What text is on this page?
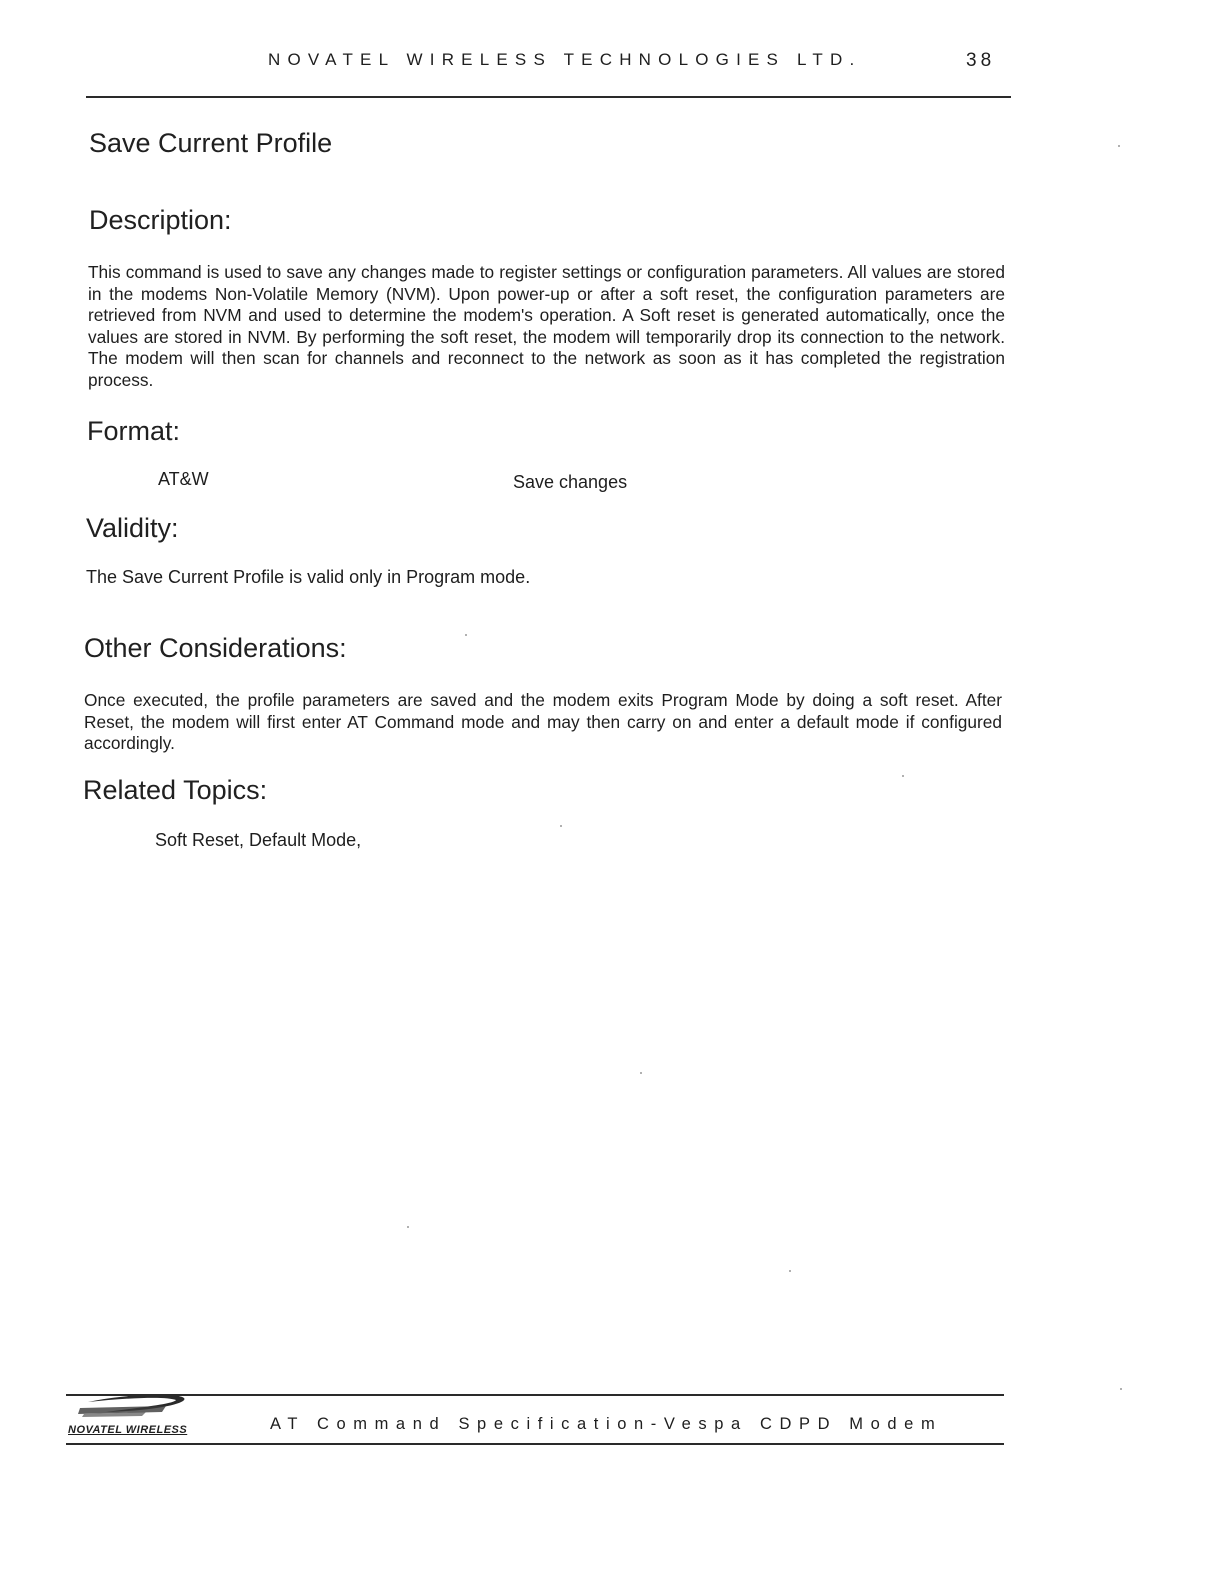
NOVATEL WIRELESS TECHNOLOGIES LTD.	38
Save Current Profile
Description:
This command is used to save any changes made to register settings or configuration parameters. All values are stored in the modems Non-Volatile Memory (NVM). Upon power-up or after a soft reset, the configuration parameters are retrieved from NVM and used to determine the modem's operation. A Soft reset is generated automatically, once the values are stored in NVM. By performing the soft reset, the modem will temporarily drop its connection to the network. The modem will then scan for channels and reconnect to the network as soon as it has completed the registration process.
Format:
AT&W	Save changes
Validity:
The Save Current Profile is valid only in Program mode.
Other Considerations:
Once executed, the profile parameters are saved and the modem exits Program Mode by doing a soft reset. After Reset, the modem will first enter AT Command mode and may then carry on and enter a default mode if configured accordingly.
Related Topics:
Soft Reset, Default Mode,
NOVATEL WIRELESS	AT Command Specification-Vespa CDPD Modem
